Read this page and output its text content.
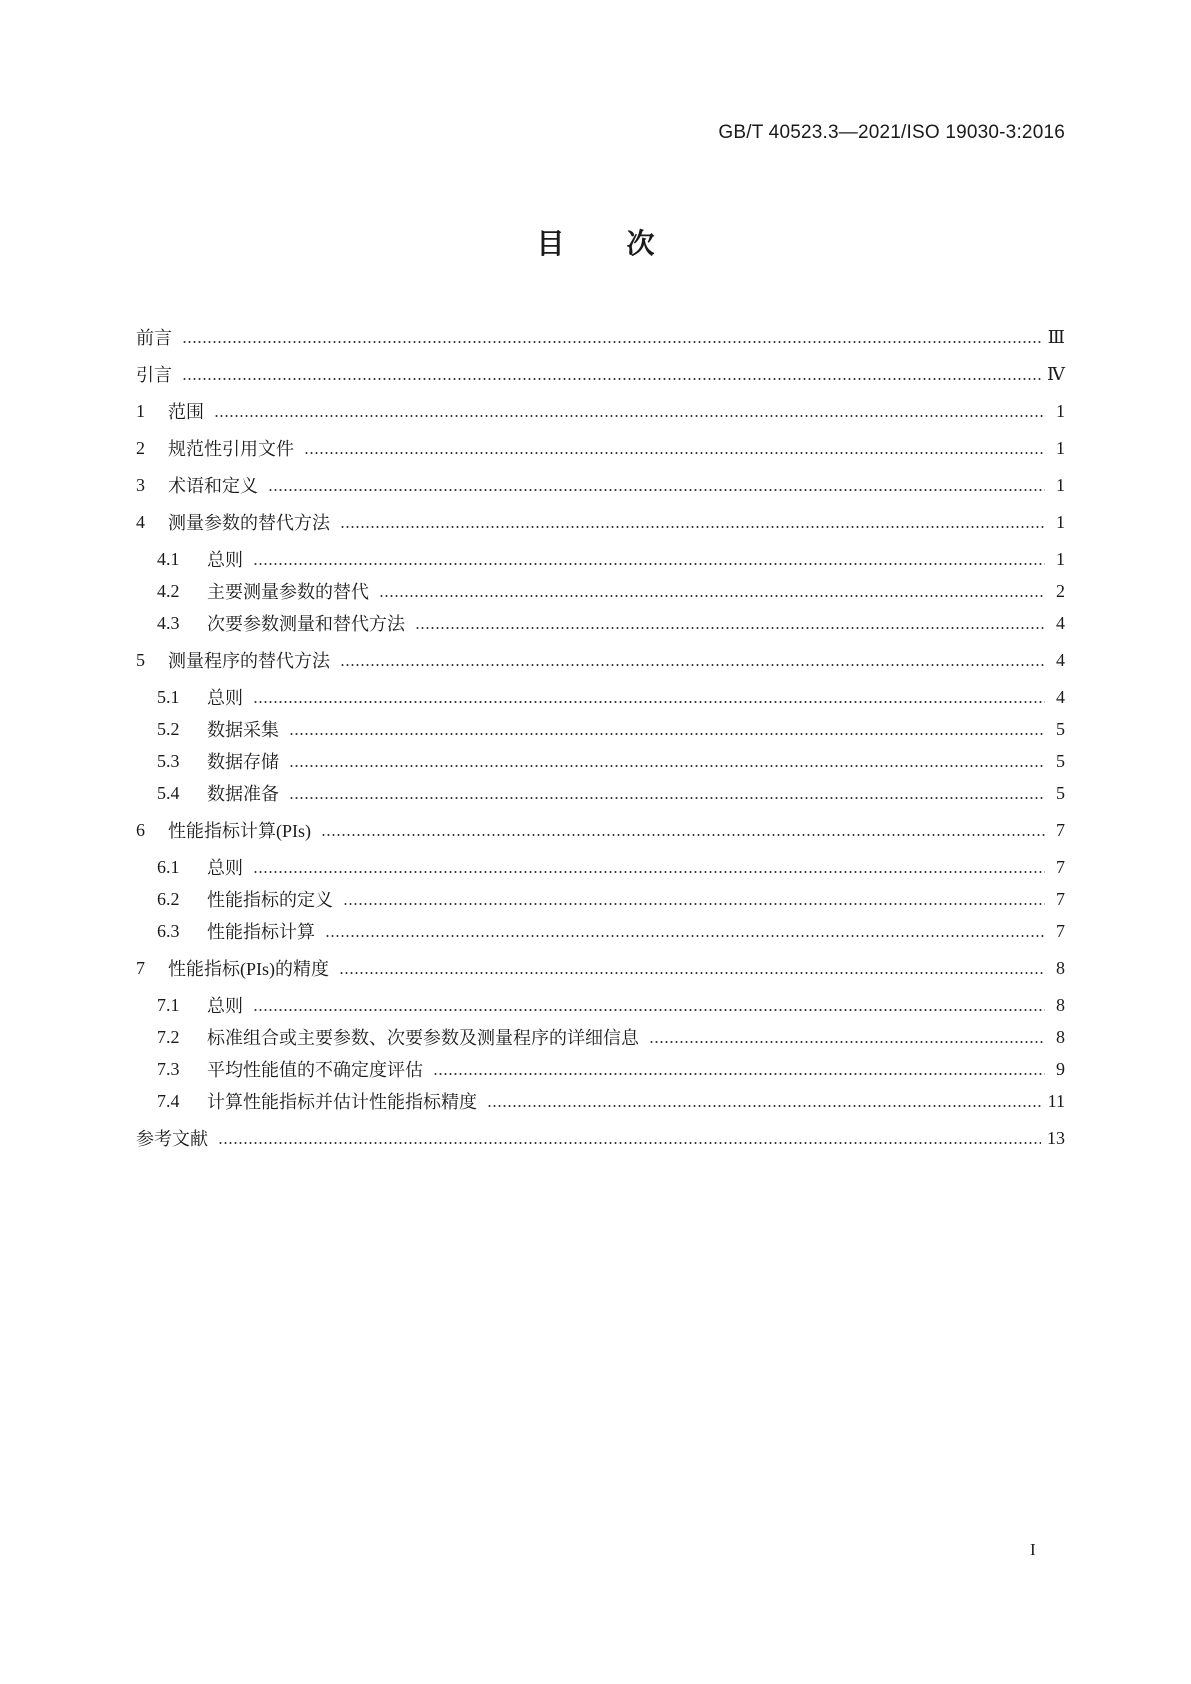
GB/T 40523.3—2021/ISO 19030-3:2016
目次
前言	Ⅲ
引言	Ⅳ
1	范围	1
2	规范性引用文件	1
3	术语和定义	1
4	测量参数的替代方法	1
4.1	总则	1
4.2	主要测量参数的替代	2
4.3	次要参数测量和替代方法	4
5	测量程序的替代方法	4
5.1	总则	4
5.2	数据采集	5
5.3	数据存储	5
5.4	数据准备	5
6	性能指标计算(PIs)	7
6.1	总则	7
6.2	性能指标的定义	7
6.3	性能指标计算	7
7	性能指标(PIs)的精度	8
7.1	总则	8
7.2	标准组合或主要参数、次要参数及测量程序的详细信息	8
7.3	平均性能值的不确定度评估	9
7.4	计算性能指标并估计性能指标精度	11
参考文献	13
I
